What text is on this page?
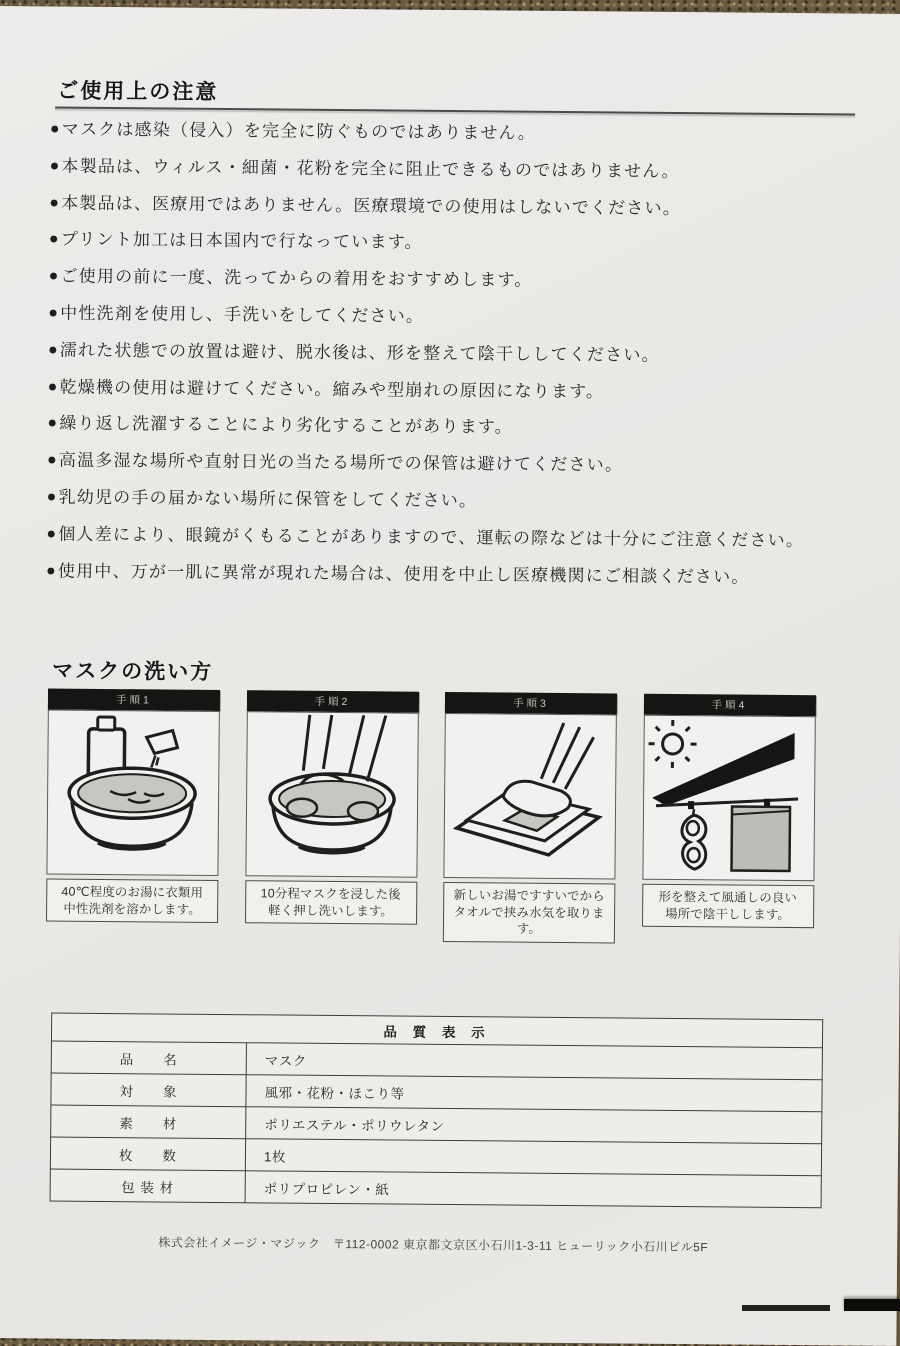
ご使用上の注意
● マスクは感染（侵入）を完全に防ぐものではありません。
● 本製品は、ウィルス・細菌・花粉を完全に阻止できるものではありません。
● 本製品は、医療用ではありません。医療環境での使用はしないでください。
● プリント加工は日本国内で行なっています。
● ご使用の前に一度、洗ってからの着用をおすすめします。
● 中性洗剤を使用し、手洗いをしてください。
● 濡れた状態での放置は避け、脱水後は、形を整えて陰干ししてください。
● 乾燥機の使用は避けてください。縮みや型崩れの原因になります。
● 繰り返し洗濯することにより劣化することがあります。
● 高温多湿な場所や直射日光の当たる場所での保管は避けてください。
● 乳幼児の手の届かない場所に保管をしてください。
● 個人差により、眼鏡がくもることがありますので、運転の際などは十分にご注意ください。
● 使用中、万が一肌に異常が現れた場合は、使用を中止し医療機関にご相談ください。
マスクの洗い方
手順1
40℃程度のお湯に衣類用
中性洗剤を溶かします。
手順2
10分程マスクを浸した後
軽く押し洗いします。
手順3
新しいお湯ですすいでから
タオルで挟み水気を取ります。
手順4
形を整えて風通しの良い
場所で陰干しします。
品 質 表 示	
品　　名	マスク
対　　象	風邪・花粉・ほこり等
素　　材	ポリエステル・ポリウレタン
枚　　数	1枚
包 装 材	ポリプロピレン・紙
株式会社イメージ・マジック　〒112-0002 東京都文京区小石川1-3-11 ヒューリック小石川ビル5F
